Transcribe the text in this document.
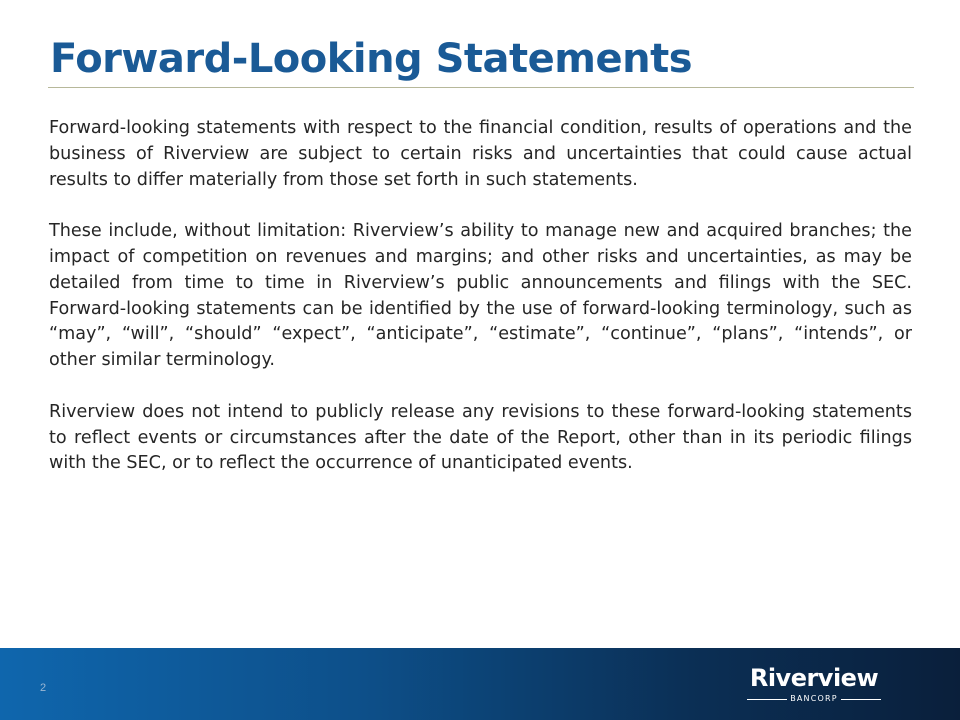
Forward-Looking Statements

Forward-looking statements with respect to the financial condition, results of operations and the business of Riverview are subject to certain risks and uncertainties that could cause actual results to differ materially from those set forth in such statements.

These include, without limitation: Riverview’s ability to manage new and acquired branches; the impact of competition on revenues and margins; and other risks and uncertainties, as may be detailed from time to time in Riverview’s public announcements and filings with the SEC. Forward-looking statements can be identified by the use of forward-looking terminology, such as “may”, “will”, “should” “expect”, “anticipate”, “estimate”, “continue”, “plans”, “intends”, or other similar terminology.

Riverview does not intend to publicly release any revisions to these forward-looking statements to reflect events or circumstances after the date of the Report, other than in its periodic filings with the SEC, or to reflect the occurrence of unanticipated events.

2	Riverview
BANCORP
